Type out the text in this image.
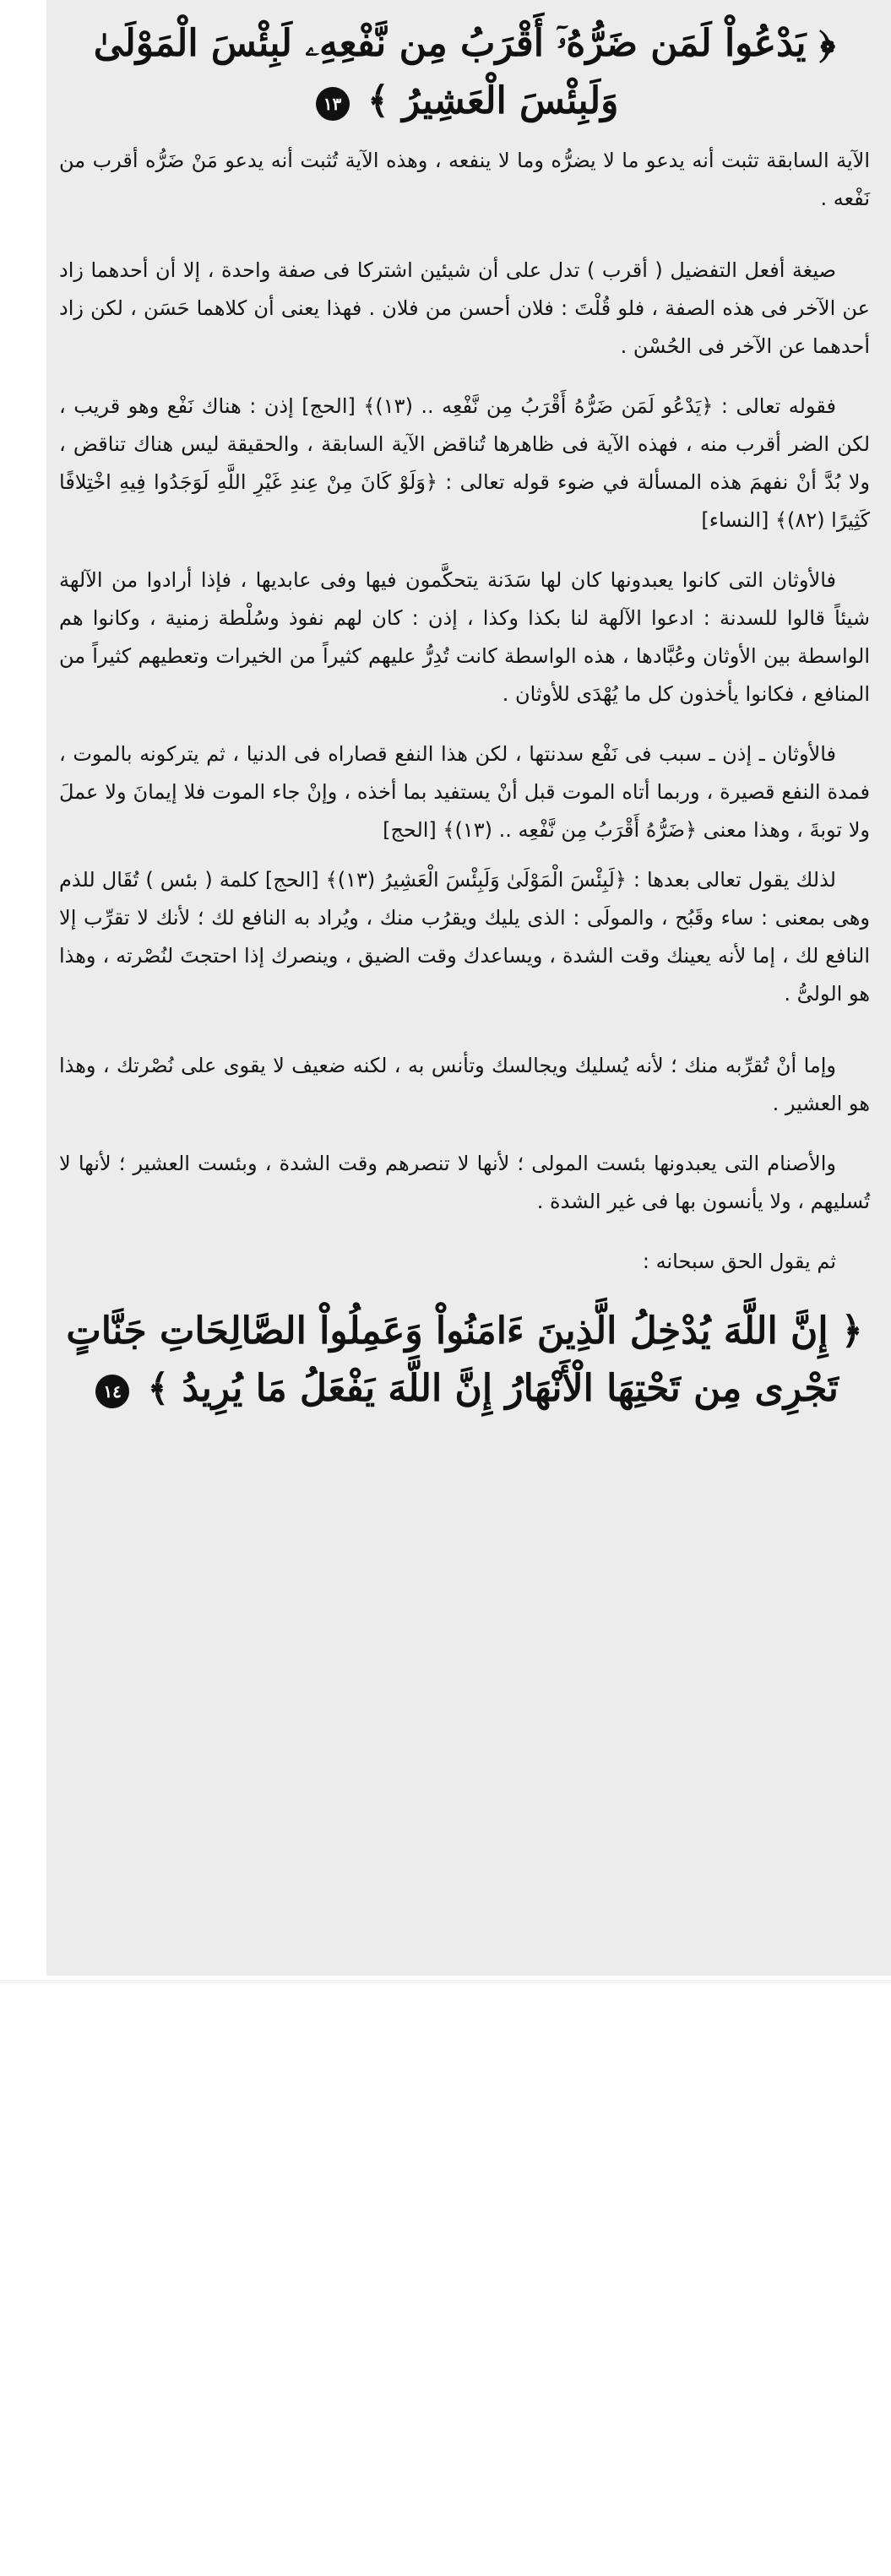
﴿ يَدْعُواْ لَمَن ضَرُّهُۥٓ أَقْرَبُ مِن نَّفْعِهِۦ لَبِئْسَ الْمَوْلَىٰ
وَلَبِئْسَ الْعَشِيرُ ﴾ ١٣

الآية السابقة تثبت أنه يدعو ما لا يضرُّه وما لا ينفعه ، وهذه الآية تُثبت أنه يدعو مَنْ ضَرُّه أقرب من نَفْعه .

صيغة أفعل التفضيل ( أقرب ) تدل على أن شيئين اشتركا فى صفة واحدة ، إلا أن أحدهما زاد عن الآخر فى هذه الصفة ، فلو قُلْتَ : فلان أحسن من فلان . فهذا يعنى أن كلاهما حَسَن ، لكن زاد أحدهما عن الآخر فى الحُسْن .

فقوله تعالى : ﴿يَدْعُو لَمَن ضَرُّهُ أَقْرَبُ مِن نَّفْعِه .. (١٣)﴾ [الحج] إذن : هناك نَفْع وهو قريب ، لكن الضر أقرب منه ، فهذه الآية فى ظاهرها تُناقض الآية السابقة ، والحقيقة ليس هناك تناقض ، ولا بُدَّ أنْ نفهمَ هذه المسألة في ضوء قوله تعالى : ﴿وَلَوْ كَانَ مِنْ عِندِ غَيْرِ اللَّهِ لَوَجَدُوا فِيهِ اخْتِلافًا كَثِيرًا (٨٢)﴾ [النساء]

فالأوثان التى كانوا يعبدونها كان لها سَدَنة يتحكَّمون فيها وفى عابديها ، فإذا أرادوا من الآلهة شيئاً قالوا للسدنة : ادعوا الآلهة لنا بكذا وكذا ، إذن : كان لهم نفوذ وسُلْطة زمنية ، وكانوا هم الواسطة بين الأوثان وعُبَّادها ، هذه الواسطة كانت تُدِرُّ عليهم كثيراً من الخيرات وتعطيهم كثيراً من المنافع ، فكانوا يأخذون كل ما يُهْدَى للأوثان .

فالأوثان ـ إذن ـ سبب فى نَفْع سدنتها ، لكن هذا النفع قصاراه فى الدنيا ، ثم يتركونه بالموت ، فمدة النفع قصيرة ، وربما أتاه الموت قبل أنْ يستفيد بما أخذه ، وإنْ جاء الموت فلا إيمانَ ولا عملَ ولا توبةَ ، وهذا معنى ﴿ضَرُّهُ أَقْرَبُ مِن نَّفْعِه .. (١٣)﴾ [الحج]

لذلك يقول تعالى بعدها : ﴿لَبِئْسَ الْمَوْلَىٰ وَلَبِئْسَ الْعَشِيرُ (١٣)﴾ [الحج] كلمة ( بئس ) تُقَال للذم وهى بمعنى : ساء وقَبُح ، والمولَى : الذى يليك ويقرُب منك ، ويُراد به النافع لك ؛ لأنك لا تقرِّب إلا النافع لك ، إما لأنه يعينك وقت الشدة ، ويساعدك وقت الضيق ، وينصرك إذا احتجتَ لنُصْرته ، وهذا هو الولىُّ .

وإما أنْ تُقرِّبه منك ؛ لأنه يُسليك ويجالسك وتأنس به ، لكنه ضعيف لا يقوى على نُصْرتك ، وهذا هو العشير .

والأصنام التى يعبدونها بئست المولى ؛ لأنها لا تنصرهم وقت الشدة ، وبئست العشير ؛ لأنها لا تُسليهم ، ولا يأنسون بها فى غير الشدة .

ثم يقول الحق سبحانه :

﴿ إِنَّ اللَّهَ يُدْخِلُ الَّذِينَ ءَامَنُواْ وَعَمِلُواْ الصَّالِحَاتِ جَنَّاتٍ
تَجْرِى مِن تَحْتِهَا الْأَنْهَارُ إِنَّ اللَّهَ يَفْعَلُ مَا يُرِيدُ ﴾ ١٤
